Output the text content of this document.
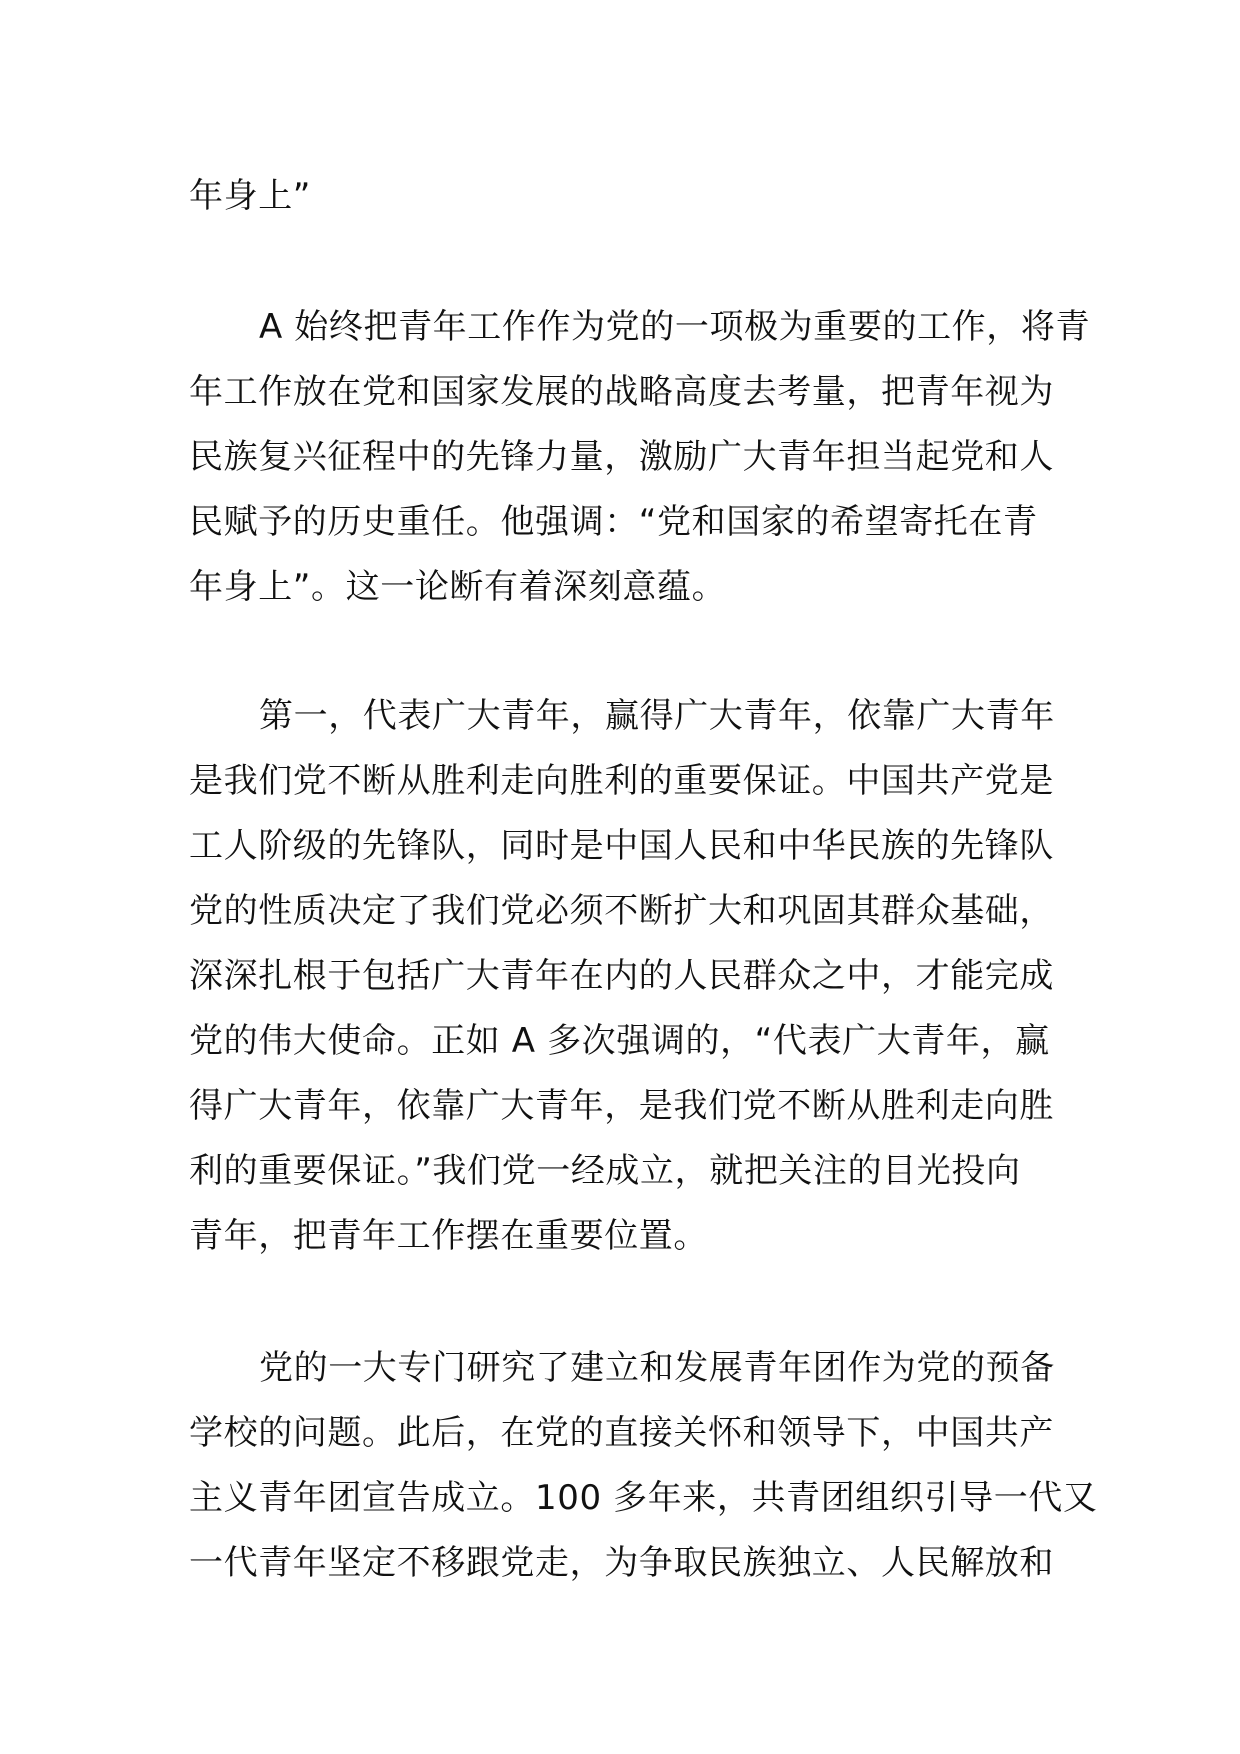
年身上”

A 始终把青年工作作为党的一项极为重要的工作，将青
年工作放在党和国家发展的战略高度去考量，把青年视为
民族复兴征程中的先锋力量，激励广大青年担当起党和人
民赋予的历史重任。他强调：“党和国家的希望寄托在青
年身上”。这一论断有着深刻意蕴。

第一，代表广大青年，赢得广大青年，依靠广大青年
是我们党不断从胜利走向胜利的重要保证。中国共产党是
工人阶级的先锋队，同时是中国人民和中华民族的先锋队
党的性质决定了我们党必须不断扩大和巩固其群众基础，
深深扎根于包括广大青年在内的人民群众之中，才能完成
党的伟大使命。正如 A 多次强调的，“代表广大青年，赢
得广大青年，依靠广大青年，是我们党不断从胜利走向胜
利的重要保证。”我们党一经成立，就把关注的目光投向
青年，把青年工作摆在重要位置。

党的一大专门研究了建立和发展青年团作为党的预备
学校的问题。此后，在党的直接关怀和领导下，中国共产
主义青年团宣告成立。100 多年来，共青团组织引导一代又
一代青年坚定不移跟党走，为争取民族独立、人民解放和
